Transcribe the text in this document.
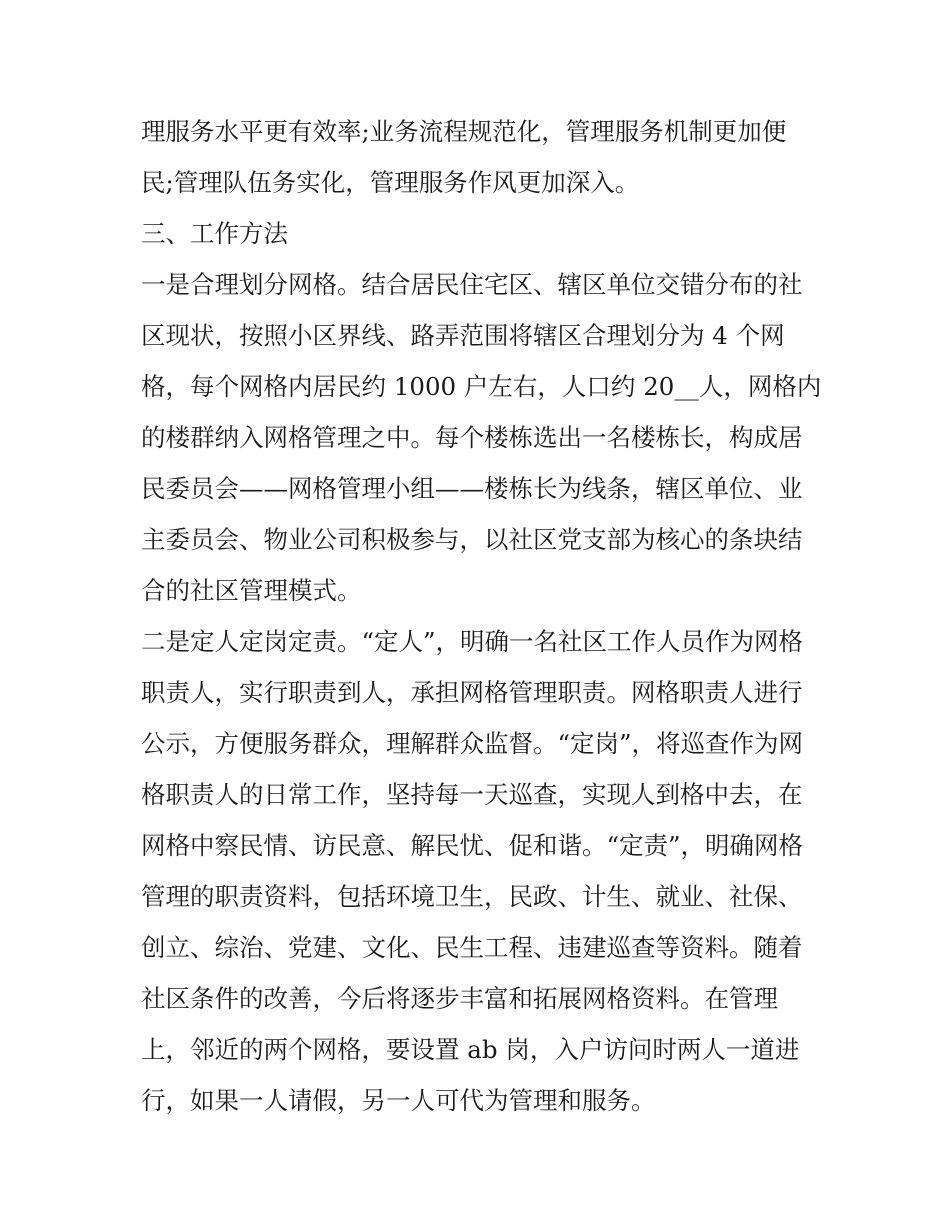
理服务水平更有效率;业务流程规范化，管理服务机制更加便
民;管理队伍务实化，管理服务作风更加深入。
三、工作方法
一是合理划分网格。结合居民住宅区、辖区单位交错分布的社
区现状，按照小区界线、路弄范围将辖区合理划分为 4 个网
格，每个网格内居民约 1000 户左右，人口约 20__人，网格内
的楼群纳入网格管理之中。每个楼栋选出一名楼栋长，构成居
民委员会——网格管理小组——楼栋长为线条，辖区单位、业
主委员会、物业公司积极参与，以社区党支部为核心的条块结
合的社区管理模式。
二是定人定岗定责。“定人”，明确一名社区工作人员作为网格
职责人，实行职责到人，承担网格管理职责。网格职责人进行
公示，方便服务群众，理解群众监督。“定岗”，将巡查作为网
格职责人的日常工作，坚持每一天巡查，实现人到格中去，在
网格中察民情、访民意、解民忧、促和谐。“定责”，明确网格
管理的职责资料，包括环境卫生，民政、计生、就业、社保、
创立、综治、党建、文化、民生工程、违建巡查等资料。随着
社区条件的改善，今后将逐步丰富和拓展网格资料。在管理
上，邻近的两个网格，要设置 ab 岗，入户访问时两人一道进
行，如果一人请假，另一人可代为管理和服务。
